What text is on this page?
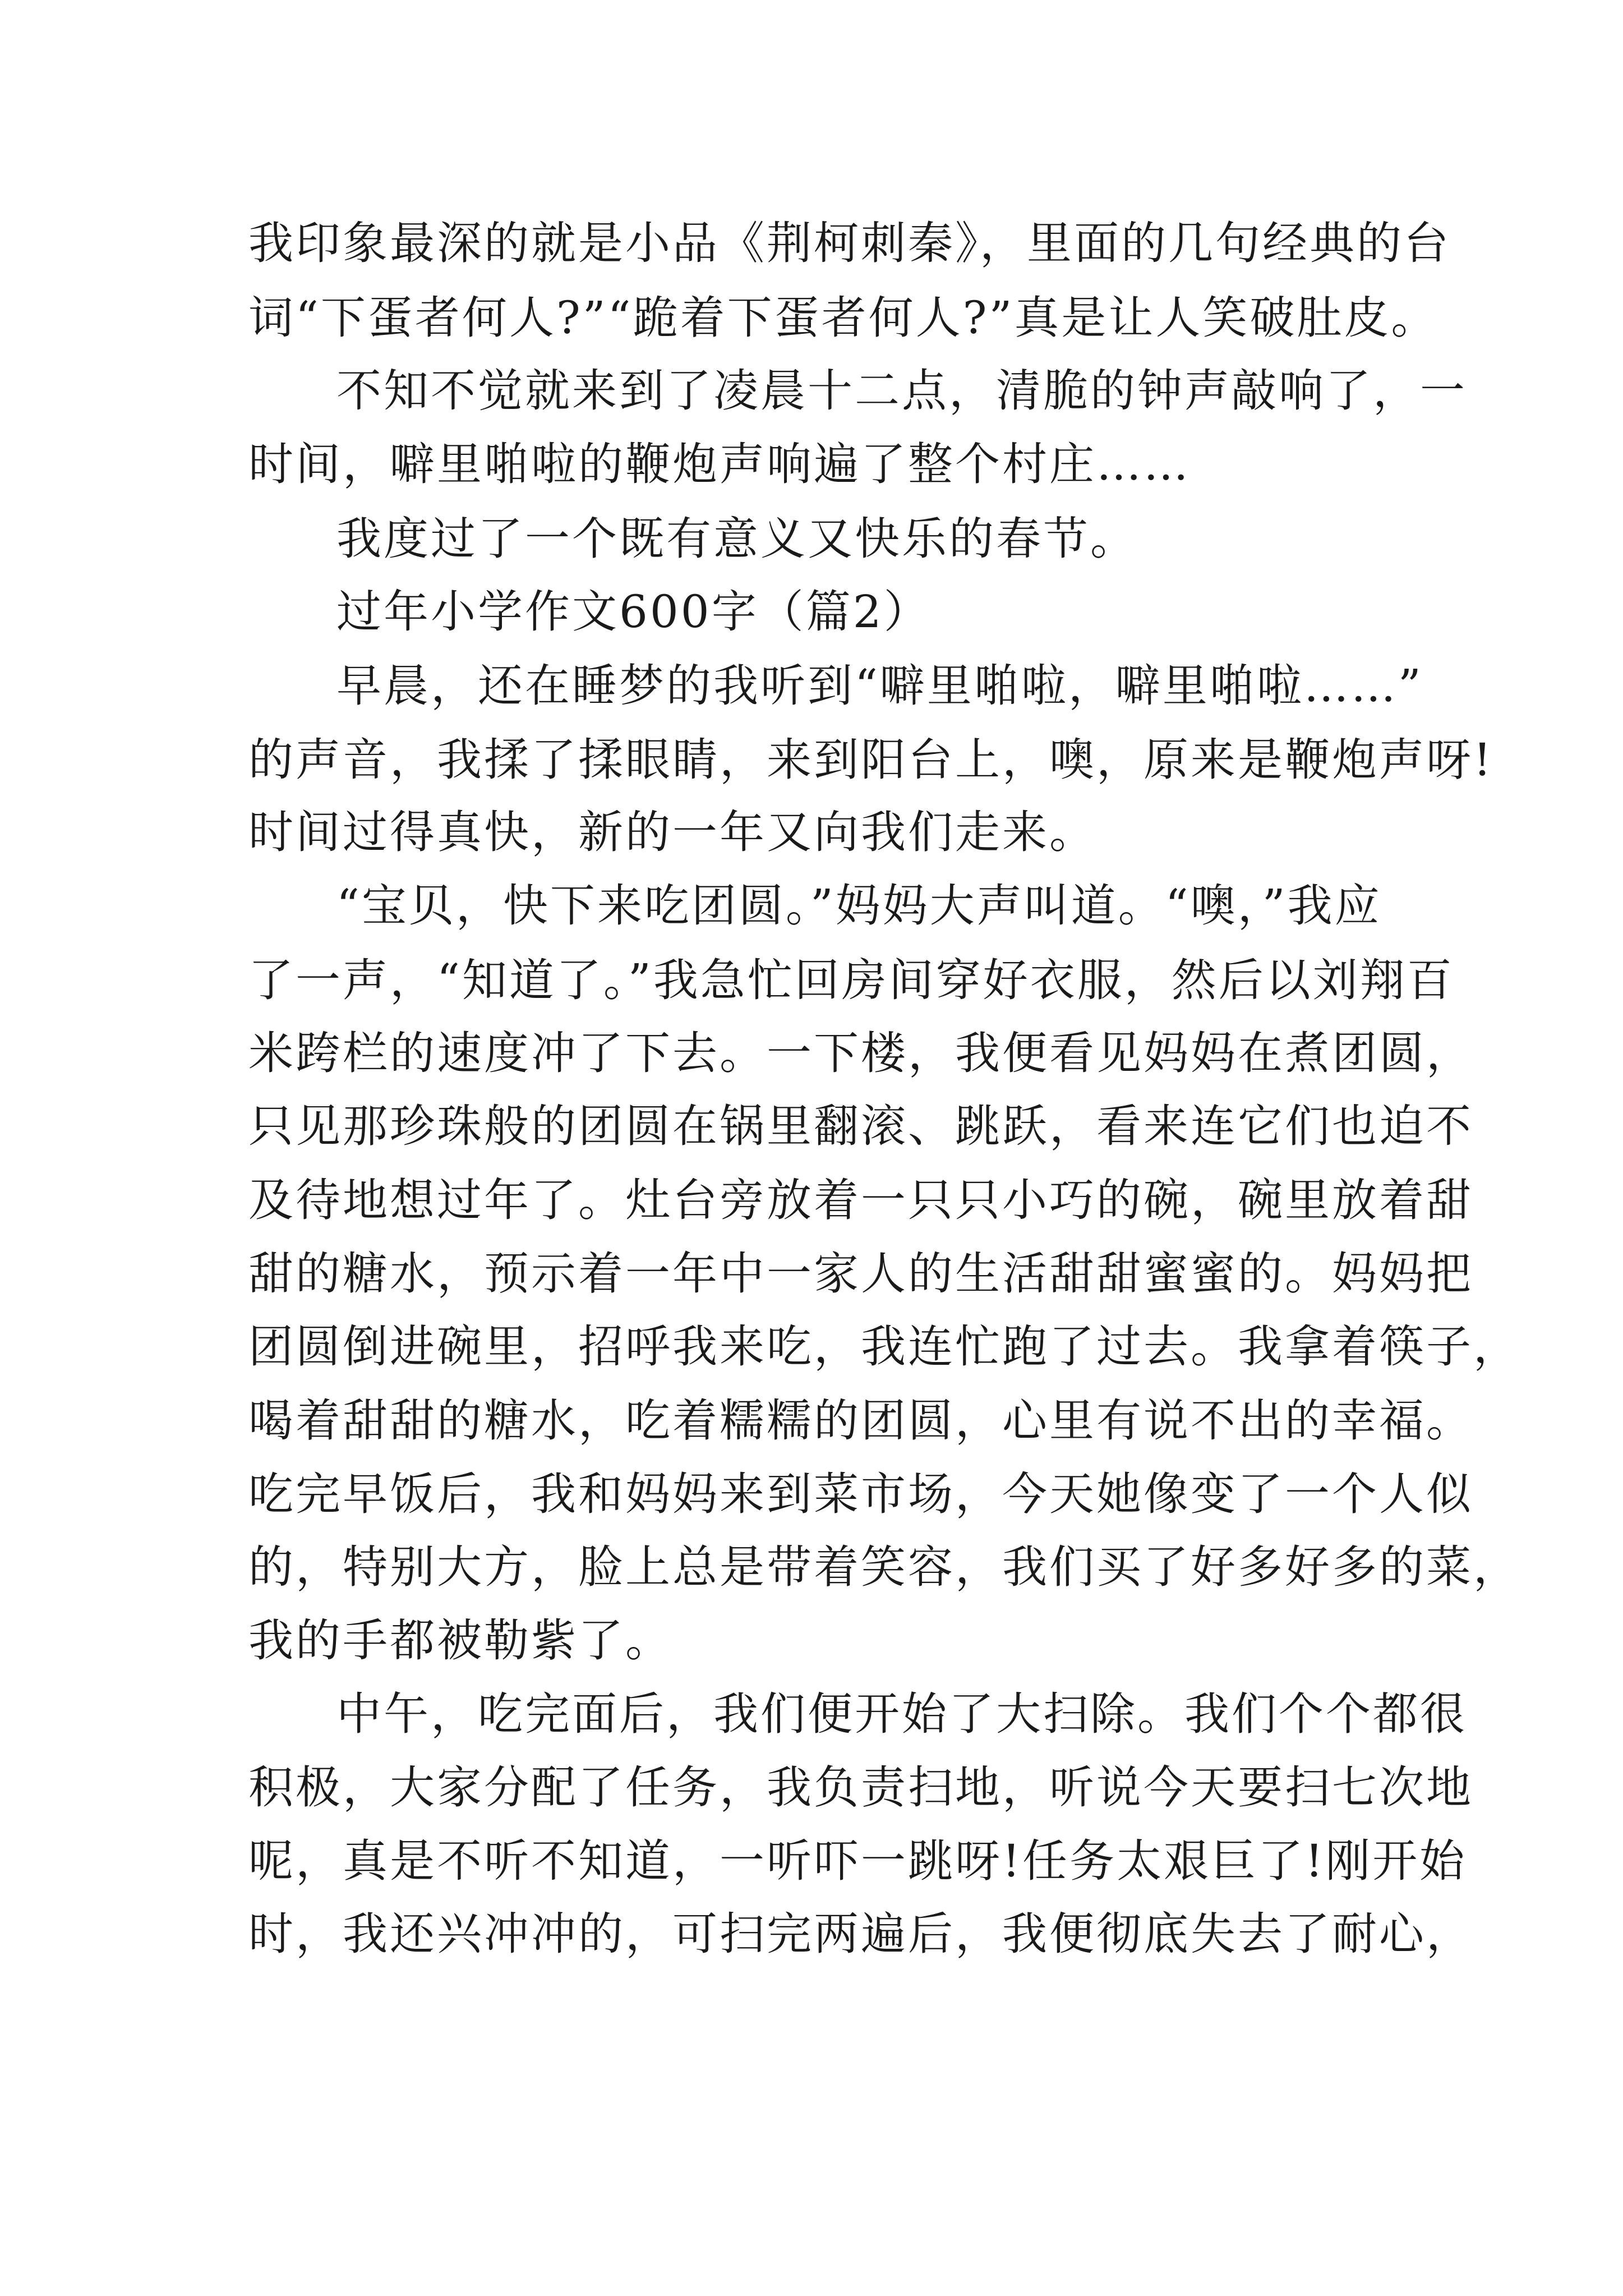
我印象最深的就是小品《荆柯刺秦》，里面的几句经典的台
词“下蛋者何人?”“跪着下蛋者何人?”真是让人笑破肚皮。
不知不觉就来到了凌晨十二点，清脆的钟声敲响了，一
时间，噼里啪啦的鞭炮声响遍了整个村庄……
我度过了一个既有意义又快乐的春节。
过年小学作文600字（篇2）
早晨，还在睡梦的我听到“噼里啪啦，噼里啪啦……”
的声音，我揉了揉眼睛，来到阳台上，噢，原来是鞭炮声呀!
时间过得真快，新的一年又向我们走来。
“宝贝，快下来吃团圆。”妈妈大声叫道。“噢，”我应
了一声，“知道了。”我急忙回房间穿好衣服，然后以刘翔百
米跨栏的速度冲了下去。一下楼，我便看见妈妈在煮团圆，
只见那珍珠般的团圆在锅里翻滚、跳跃，看来连它们也迫不
及待地想过年了。灶台旁放着一只只小巧的碗，碗里放着甜
甜的糖水，预示着一年中一家人的生活甜甜蜜蜜的。妈妈把
团圆倒进碗里，招呼我来吃，我连忙跑了过去。我拿着筷子，
喝着甜甜的糖水，吃着糯糯的团圆，心里有说不出的幸福。
吃完早饭后，我和妈妈来到菜市场，今天她像变了一个人似
的，特别大方，脸上总是带着笑容，我们买了好多好多的菜，
我的手都被勒紫了。
中午，吃完面后，我们便开始了大扫除。我们个个都很
积极，大家分配了任务，我负责扫地，听说今天要扫七次地
呢，真是不听不知道，一听吓一跳呀!任务太艰巨了!刚开始
时，我还兴冲冲的，可扫完两遍后，我便彻底失去了耐心，
